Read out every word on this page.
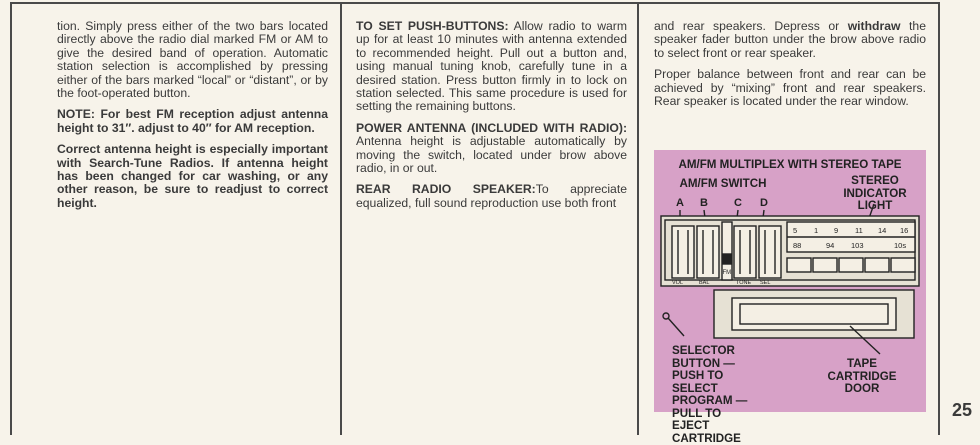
tion. Simply press either of the two bars located directly above the radio dial marked FM or AM to give the desired band of operation. Automatic station selection is accomplished by pressing either of the bars marked “local” or “distant”, or by the foot-operated button.

NOTE: For best FM reception adjust antenna height to 31″. adjust to 40″ for AM reception.

Correct antenna height is especially important with Search-Tune Radios. If antenna height has been changed for car washing, or any other reason, be sure to readjust to correct height.

TO SET PUSH-BUTTONS: Allow radio to warm up for at least 10 minutes with antenna extended to recommended height. Pull out a button and, using manual tuning knob, carefully tune in a desired station. Press button firmly in to lock on station selected. This same procedure is used for setting the remaining buttons.

POWER ANTENNA (INCLUDED WITH RADIO): Antenna height is adjustable automatically by moving the switch, located under brow above radio, in or out.

REAR RADIO SPEAKER:To appreciate equalized, full sound reproduction use both front

and rear speakers. Depress or withdraw the speaker fader button under the brow above radio to select front or rear speaker.

Proper balance between front and rear can be achieved by “mixing” front and rear speakers. Rear speaker is located under the rear window.

AM/FM MULTIPLEX WITH STEREO TAPE
AM/FM SWITCH	STEREO INDICATOR LIGHT
SELECTOR BUTTON —PUSH TO SELECT PROGRAM —PULL TO EJECT CARTRIDGE
TAPE CARTRIDGE DOOR
A B C D
FM
5 1 9 11 14 16
88	94 103	10s
VOL	BAL	TONE SEL
25
